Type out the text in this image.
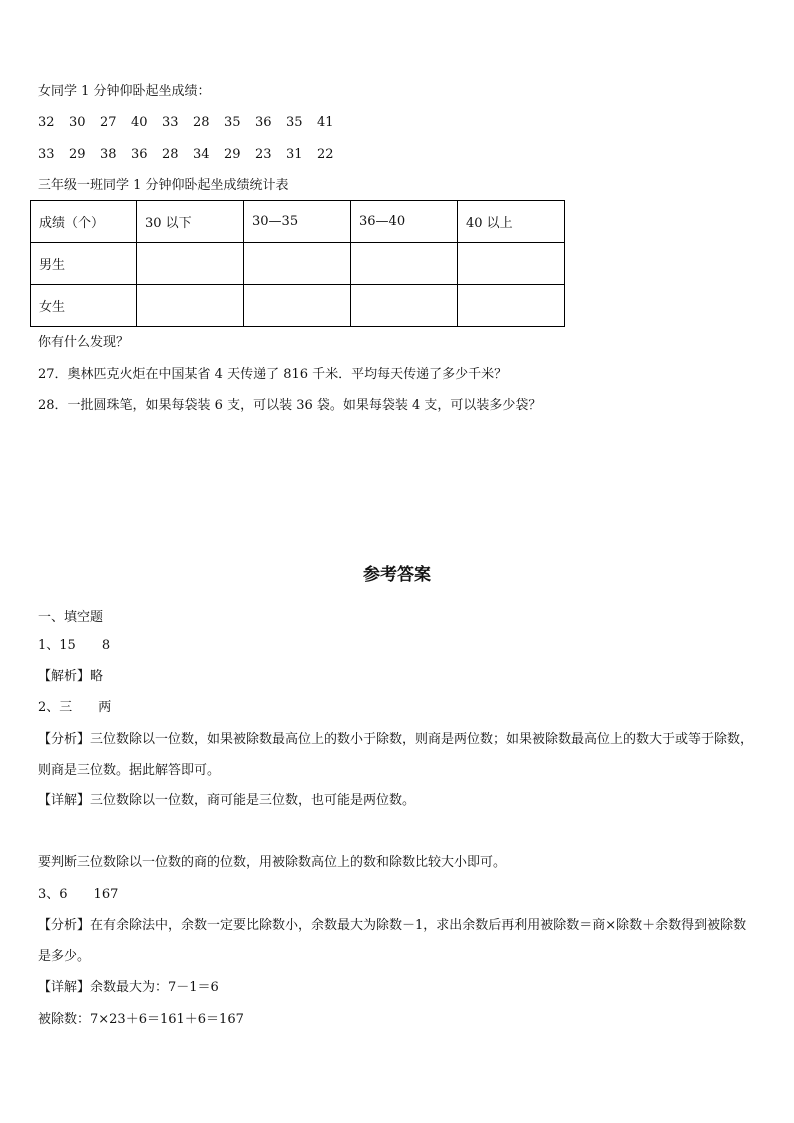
女同学 1 分钟仰卧起坐成绩：
32 30 27 40 33 28 35 36 35 41
33 29 38 36 28 34 29 23 31 22
三年级一班同学 1 分钟仰卧起坐成绩统计表
成绩（个）	30 以下	30—35	36—40	40 以上
男生				
女生				
你有什么发现？
27．奥林匹克火炬在中国某省 4 天传递了 816 千米．平均每天传递了多少千米？
28．一批圆珠笔，如果每袋装 6 支，可以装 36 袋。如果每袋装 4 支，可以装多少袋？
参考答案
一、填空题
1、15　　8
【解析】略
2、三　　两
【分析】三位数除以一位数，如果被除数最高位上的数小于除数，则商是两位数；如果被除数最高位上的数大于或等于除数，则商是三位数。据此解答即可。
【详解】三位数除以一位数，商可能是三位数，也可能是两位数。
要判断三位数除以一位数的商的位数，用被除数高位上的数和除数比较大小即可。
3、6　　167
【分析】在有余除法中，余数一定要比除数小，余数最大为除数－1，求出余数后再利用被除数＝商×除数＋余数得到被除数是多少。
【详解】余数最大为：7－1＝6
被除数：7×23＋6＝161＋6＝167
